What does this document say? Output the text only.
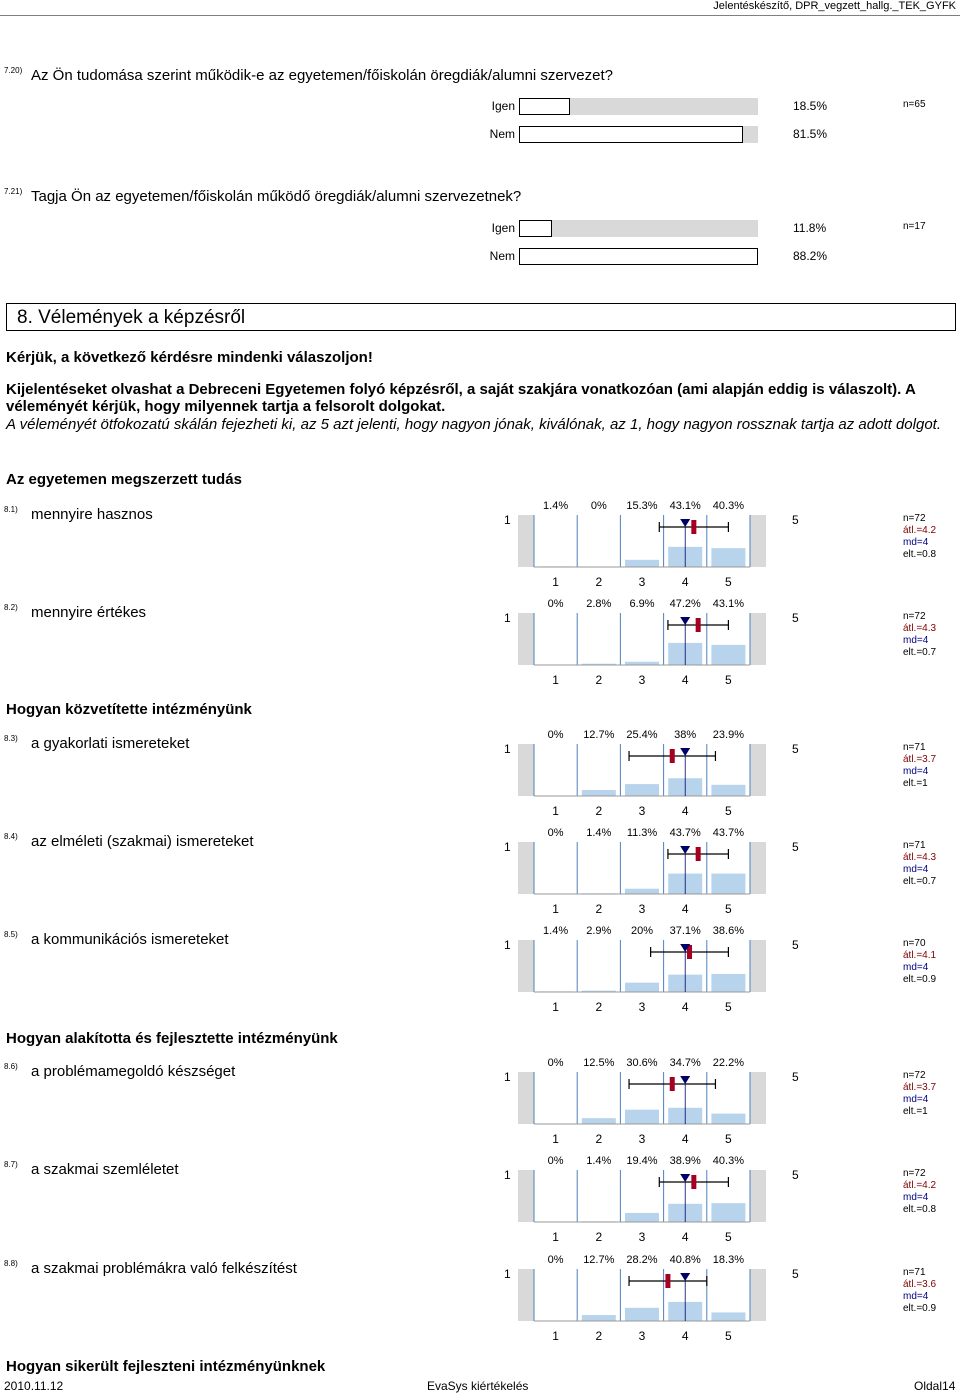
Jelentéskészítő, DPR_vegzett_hallg._TEK_GYFK
7.20) Az Ön tudomása szerint működik-e az egyetemen/főiskolán öregdiák/alumni szervezet?
Igen	18.5%	n=65
Nem	81.5%
7.21) Tagja Ön az egyetemen/főiskolán működő öregdiák/alumni szervezetnek?
Igen	11.8%	n=17
Nem	88.2%
8. Vélemények a képzésről
Kérjük, a következő kérdésre mindenki válaszoljon!
Kijelentéseket olvashat a Debreceni Egyetemen folyó képzésről, a saját szakjára vonatkozóan (ami alapján eddig is válaszolt). A véleményét kérjük, hogy milyennek tartja a felsorolt dolgokat.
A véleményét ötfokozatú skálán fejezheti ki, az 5 azt jelenti, hogy nagyon jónak, kiválónak, az 1, hogy nagyon rossznak tartja az adott dolgot.
Az egyetemen megszerzett tudás
Hogyan közvetítette intézményünk
Hogyan alakította és fejlesztette intézményünk
Hogyan sikerült fejleszteni intézményünknek
8.1) mennyire hasznos	1	5	n=72
átl.=4.2
md=4
elt.=0.8
1.4%
1
0%
2
15.3%
3
43.1%
4
40.3%
5
8.2) mennyire értékes	1	5	n=72
átl.=4.3
md=4
elt.=0.7
0%
1
2.8%
2
6.9%
3
47.2%
4
43.1%
5
8.3) a gyakorlati ismereteket	1	5	n=71
átl.=3.7
md=4
elt.=1
0%
1
12.7%
2
25.4%
3
38%
4
23.9%
5
8.4) az elméleti (szakmai) ismereteket	1	5	n=71
átl.=4.3
md=4
elt.=0.7
0%
1
1.4%
2
11.3%
3
43.7%
4
43.7%
5
8.5) a kommunikációs ismereteket	1	5	n=70
átl.=4.1
md=4
elt.=0.9
1.4%
1
2.9%
2
20%
3
37.1%
4
38.6%
5
8.6) a problémamegoldó készséget	1	5	n=72
átl.=3.7
md=4
elt.=1
0%
1
12.5%
2
30.6%
3
34.7%
4
22.2%
5
8.7) a szakmai szemléletet	1	5	n=72
átl.=4.2
md=4
elt.=0.8
0%
1
1.4%
2
19.4%
3
38.9%
4
40.3%
5
8.8) a szakmai problémákra való felkészítést	1	5	n=71
átl.=3.6
md=4
elt.=0.9
0%
1
12.7%
2
28.2%
3
40.8%
4
18.3%
5
2010.11.12	EvaSys kiértékelés	Oldal14
